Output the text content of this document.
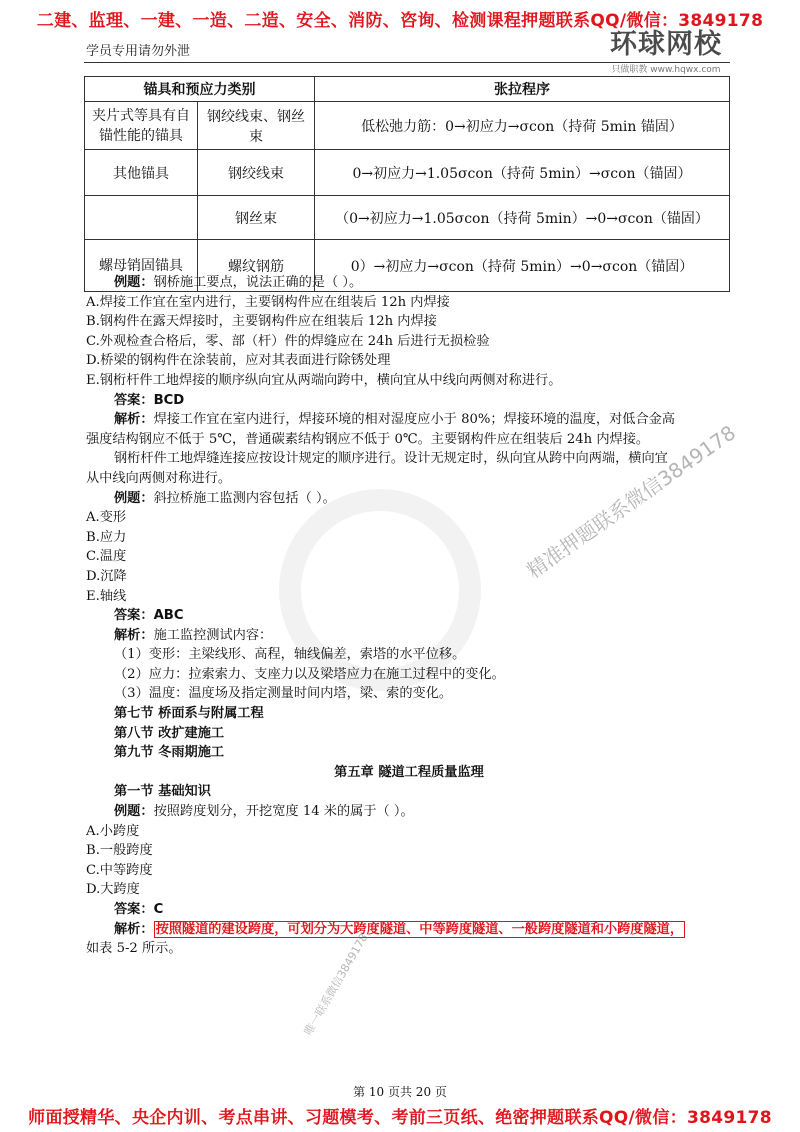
二建、监理、一建、一造、二造、安全、消防、咨询、检测课程押题联系QQ/微信：3849178
学员专用请勿外泄	环球网校
只做职教 www.hqwx.com
锚具和预应力类别		张拉程序
夹片式等具有自锚性能的锚具	钢绞线束、钢丝束	低松弛力筋：0→初应力→σcon（持荷 5min 锚固）
其他锚具	钢绞线束	0→初应力→1.05σcon（持荷 5min）→σcon（锚固）
	钢丝束	（0→初应力→1.05σcon（持荷 5min）→0→σcon（锚固）
螺母销固锚具	螺纹钢筋	0）→初应力→σcon（持荷 5min）→0→σcon（锚固）

例题：钢桥施工要点，说法正确的是（ ）。

A.焊接工作宜在室内进行，主要钢构件应在组装后 12h 内焊接

B.钢构件在露天焊接时，主要钢构件应在组装后 12h 内焊接

C.外观检查合格后，零、部（杆）件的焊缝应在 24h 后进行无损检验

D.桥梁的钢构件在涂装前，应对其表面进行除锈处理

E.钢桁杆件工地焊接的顺序纵向宜从两端向跨中，横向宜从中线向两侧对称进行。

答案：BCD

解析：焊接工作宜在室内进行，焊接环境的相对湿度应小于 80%；焊接环境的温度，对低合金高

强度结构钢应不低于 5℃，普通碳素结构钢应不低于 0℃。主要钢构件应在组装后 24h 内焊接。

钢桁杆件工地焊缝连接应按设计规定的顺序进行。设计无规定时，纵向宜从跨中向两端，横向宜

从中线向两侧对称进行。

例题：斜拉桥施工监测内容包括（ ）。

A.变形

B.应力

C.温度

D.沉降

E.轴线

答案：ABC

解析：施工监控测试内容：

（1）变形：主梁线形、高程，轴线偏差，索塔的水平位移。

（2）应力：拉索索力、支座力以及梁塔应力在施工过程中的变化。

（3）温度：温度场及指定测量时间内塔，梁、索的变化。

第七节 桥面系与附属工程

第八节 改扩建施工

第九节 冬雨期施工

第五章 隧道工程质量监理

第一节 基础知识

例题：按照跨度划分，开挖宽度 14 米的属于（ ）。

A.小跨度

B.一般跨度

C.中等跨度

D.大跨度

答案：C

解析： 按照隧道的建设跨度，可划分为大跨度隧道、中等跨度隧道、一般跨度隧道和小跨度隧道，

如表 5-2 所示。

精准押题联系微信3849178
唯一联系微信3849178
第 10 页共 20 页
师面授精华、央企内训、考点串讲、习题模考、考前三页纸、绝密押题联系QQ/微信：3849178
